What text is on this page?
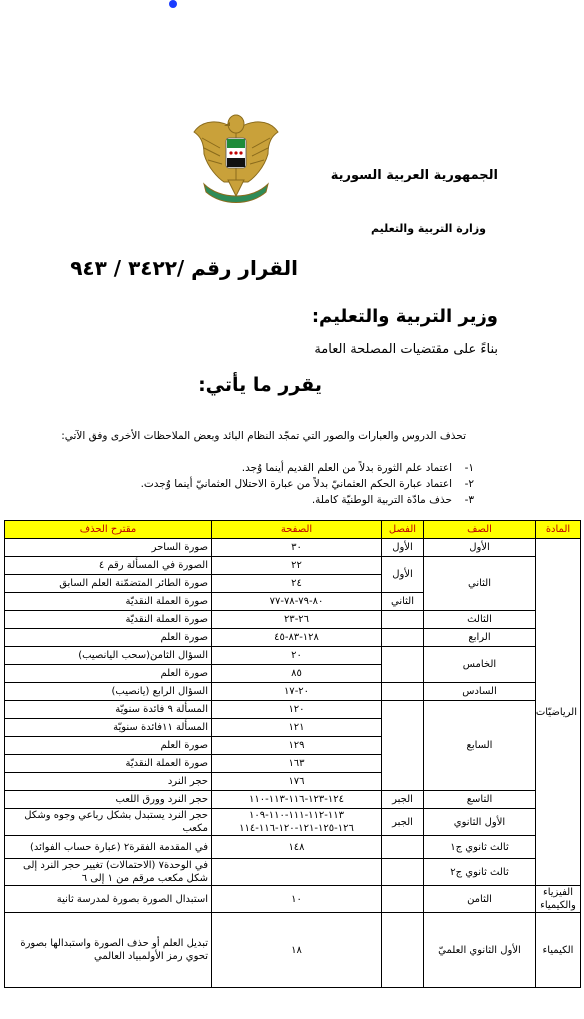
الجمهورية العربية السورية
وزارة التربية والتعليم
القرار رقم /٣٤٢٢ / ٩٤٣
وزير التربية والتعليم:
بناءً على مقتضيات المصلحة العامة
يقرر ما يأتي:
تحذف الدروس والعبارات والصور التي تمجّد النظام البائد وبعض الملاحظات الأخرى وفق الآتي:
١-اعتماد علم الثورة بدلاً من العلم القديم أينما وُجد.
٢-اعتماد عبارة الحكم العثمانيّ بدلاً من عبارة الاحتلال العثمانيّ أينما وُجدت.
٣-حذف مادّة التربية الوطنيّة كاملة.
المادة	الصف	الفصل	الصفحة	مقترح الحذف
الرياضيّات	الأول	الأول	٣٠	صورة الساحر
	الثاني	الأول	٢٢	الصورة في المسألة رقم ٤
			٢٤	صورة الطائر المتضمّنة العلم السابق
		الثاني	٨٠-٧٩-٧٨-٧٧	صورة العملة النقديّة
	الثالث		٢٦-٢٣	صورة العملة النقديّة
	الرابع		١٢٨-٨٣-٤٥	صورة العلم
	الخامس		٢٠	السؤال الثامن(سحب اليانصيب)
			٨٥	صورة العلم
	السادس		٢٠-١٧	السؤال الرابع (يانصيب)
	السابع		١٢٠	المسألة ٩ فائدة سنويّة
			١٢١	المسألة ١١فائدة سنويّة
			١٢٩	صورة العلم
			١٦٣	صورة العملة النقديّة
			١٧٦	حجر النرد
	التاسع	الجبر	١٢٤-١٢٣-١١٦-١١٣-١١٠	حجر النرد وورق اللعب
	الأول الثانوي	الجبر	١١٣-١١٢-١١١-١١٠-١٠٩ ١٢٦-١٢٥-١٢١-١٢٠-١١٦-١١٤	حجر النرد يستبدل بشكل رباعي وجوه وشكل مكعب
	ثالث ثانوي ج١		١٤٨	في المقدمة الفقرة٢ (عبارة حساب الفوائد)
	ثالث ثانوي ج٢			في الوحدة٧ (الاحتمالات) تغيير حجر النرد إلى شكل مكعب مرقم من ١ إلى ٦
الفيزياء والكيمياء	الثامن		١٠	استبدال الصورة بصورة لمدرسة ثانية
الكيمياء	الأول الثانوي العلميّ		١٨	تبديل العلم أو حذف الصورة واستبدالها بصورة تحوي رمز الأولمبياد العالمي
